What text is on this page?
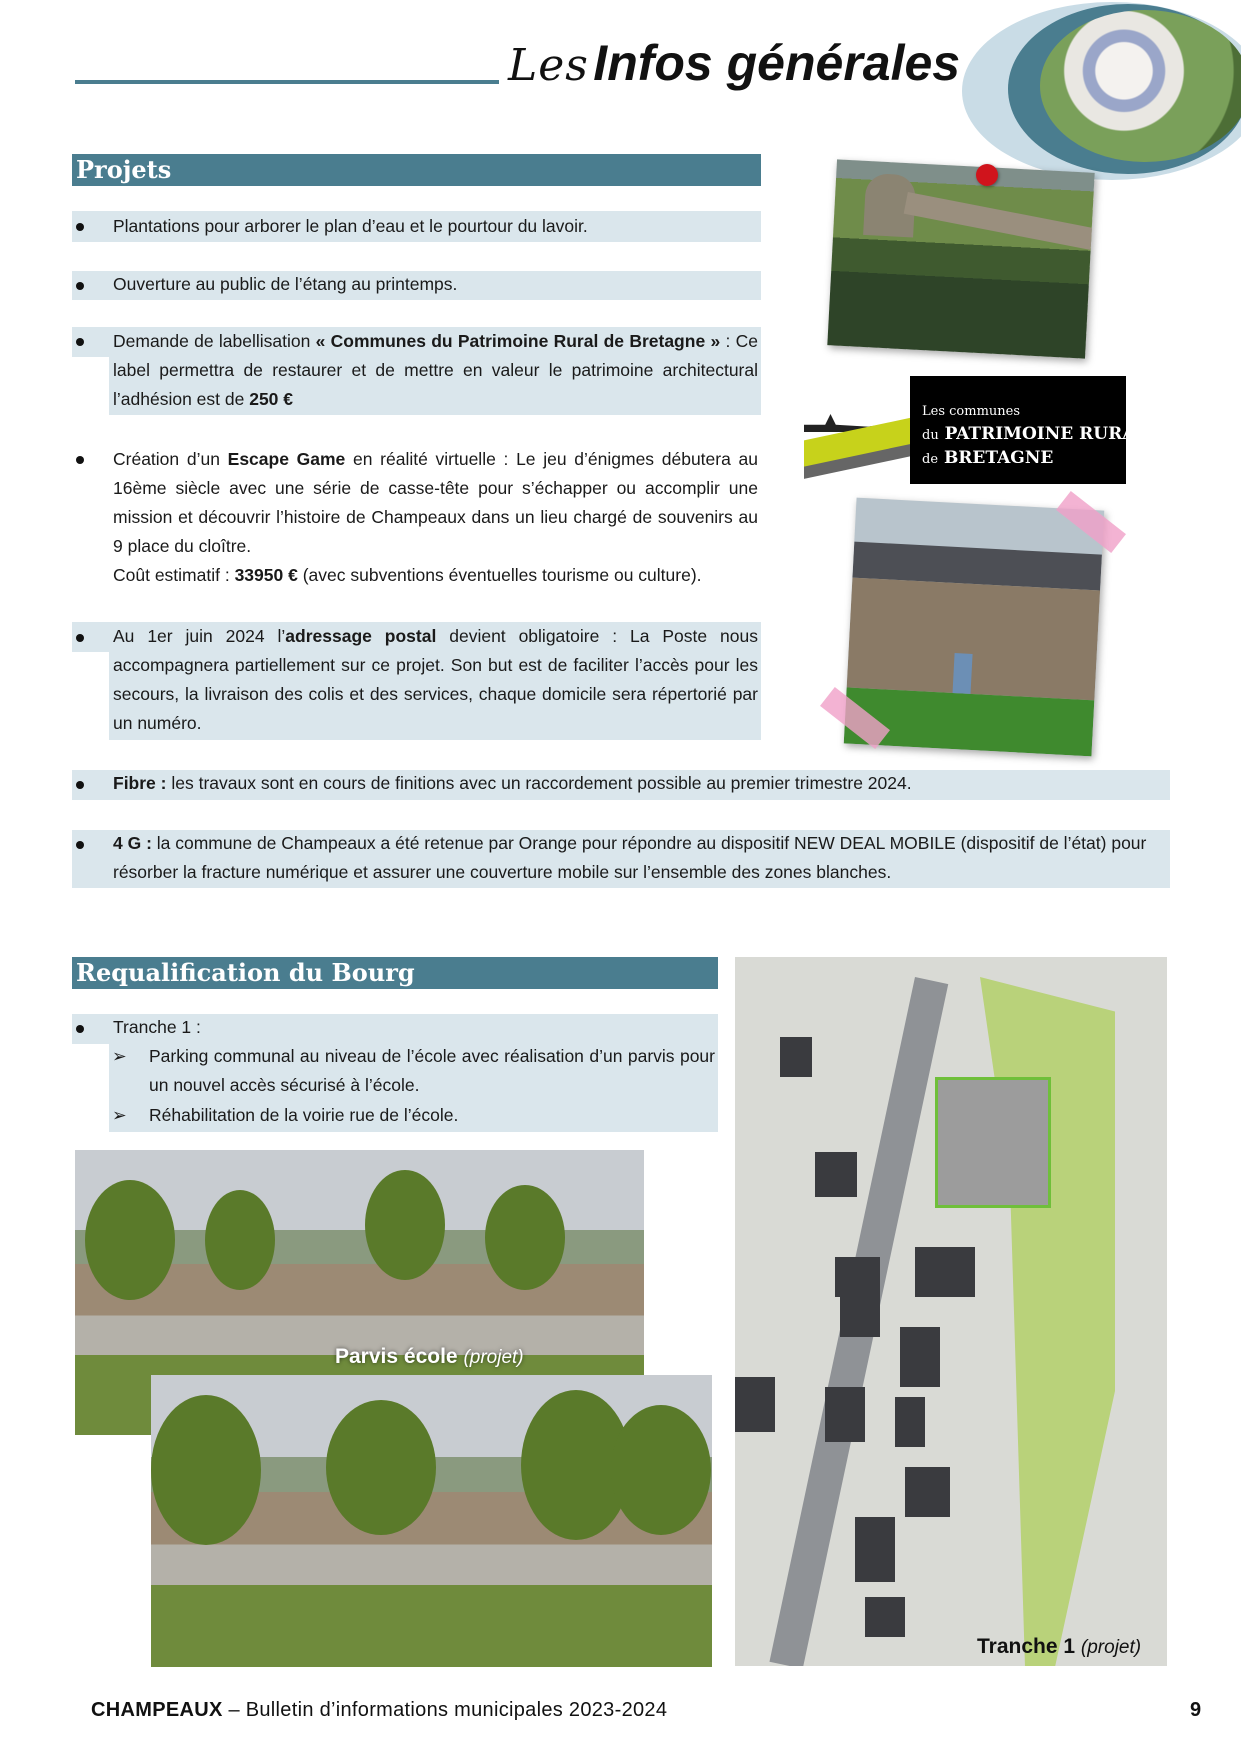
Les Infos générales
Projets
Plantations pour arborer le plan d’eau et le pourtour du lavoir.
Ouverture au public de l’étang au printemps.
Demande de labellisation « Communes du Patrimoine Rural de Bretagne » : Ce label permettra de restaurer et de mettre en valeur le patrimoine architectural l’adhésion est de 250 €
Création d’un Escape Game en réalité virtuelle : Le jeu d’énigmes débutera au 16ème siècle avec une série de casse-tête pour s’échapper ou accomplir une mission et découvrir l’histoire de Champeaux dans un lieu chargé de souvenirs au 9 place du cloître.
Coût estimatif : 33950 € (avec subventions éventuelles tourisme ou culture).
Au 1er juin 2024 l’adressage postal devient obligatoire : La Poste nous accompagnera partiellement sur ce projet. Son but est de faciliter l’accès pour les secours, la livraison des colis et des services, chaque domicile sera répertorié par un numéro.
Fibre : les travaux sont en cours de finitions avec un raccordement possible au premier trimestre 2024.
4 G : la commune de Champeaux a été retenue par Orange pour répondre au dispositif NEW DEAL MOBILE (dispositif de l’état) pour résorber la fracture numérique et assurer une couverture mobile sur l’ensemble des zones blanches.
Les communes
du PATRIMOINE RURAL
de BRETAGNE
Requalification du Bourg
Tranche 1 :
➢ Parking communal au niveau de l’école avec réalisation d’un parvis pour un nouvel accès sécurisé à l’école.
➢ Réhabilitation de la voirie rue de l’école.
Parvis école (projet)
Tranche 1 (projet)
CHAMPEAUX – Bulletin d’informations municipales 2023-2024	9
